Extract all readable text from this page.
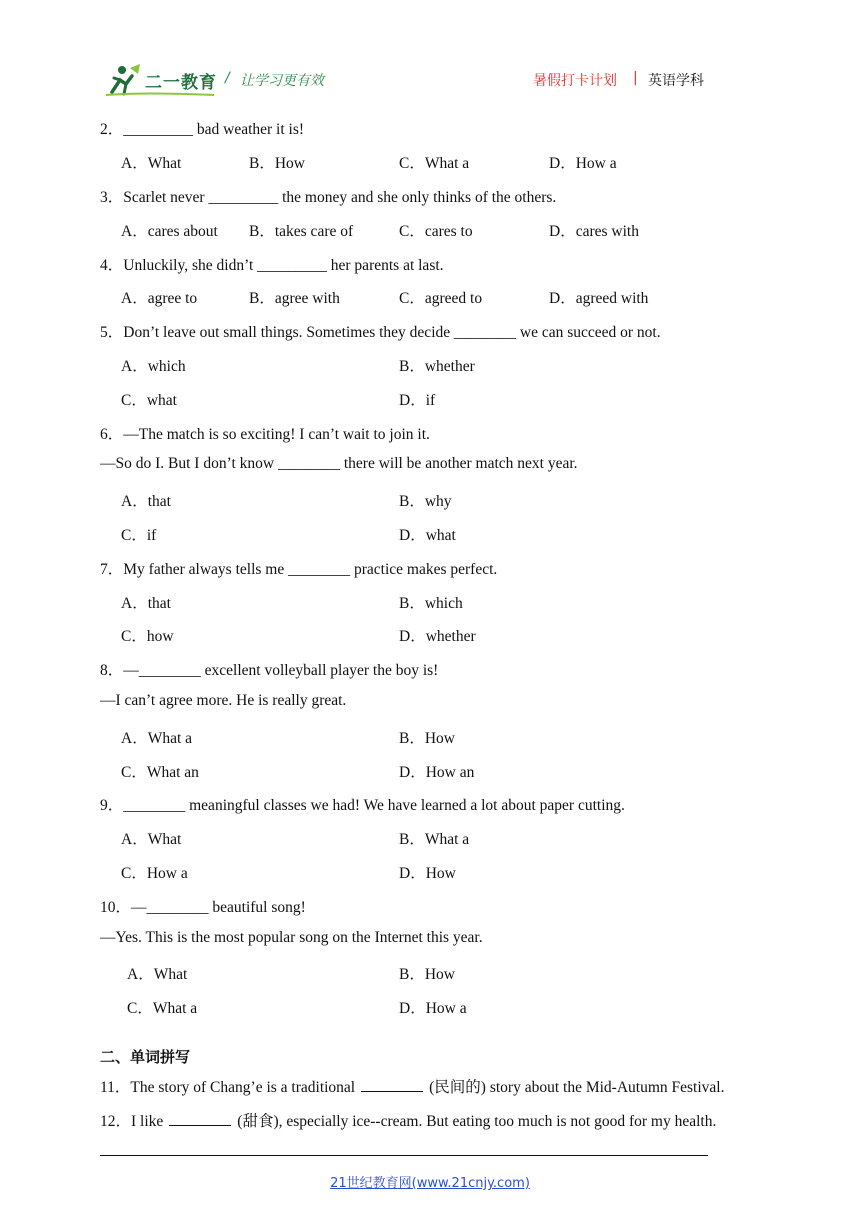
二一教育 / 让学习更有效	暑假打卡计划 | 英语学科
2．_________ bad weather it is!
A．What	B．How	C．What a	D．How a
3．Scarlet never _________ the money and she only thinks of the others.
A．cares about B．takes care of	C．cares to	D．cares with
4．Unluckily, she didn’t _________ her parents at last.
A．agree to	B．agree with	C．agreed to	D．agreed with
5．Don’t leave out small things. Sometimes they decide ________ we can succeed or not.
A．which	B．whether
C．what	D．if
6．—The match is so exciting! I can’t wait to join it.
—So do I. But I don’t know ________ there will be another match next year.
A．that	B．why
C．if	D．what
7．My father always tells me ________ practice makes perfect.
A．that	B．which
C．how	D．whether
8．—________ excellent volleyball player the boy is!
—I can’t agree more. He is really great.
A．What a	B．How
C．What an	D．How an
9．________ meaningful classes we had! We have learned a lot about paper cutting.
A．What	B．What a
C．How a	D．How
10．—________ beautiful song!
—Yes. This is the most popular song on the Internet this year.
A．What	B．How
C．What a	D．How a
二、单词拼写
11．The story of Chang’e is a traditional	(民间的) story about the Mid-Autumn Festival.
12．I like	(甜食), especially ice--cream. But eating too much is not good for my health.
21世纪教育网(www.21cnjy.com)
